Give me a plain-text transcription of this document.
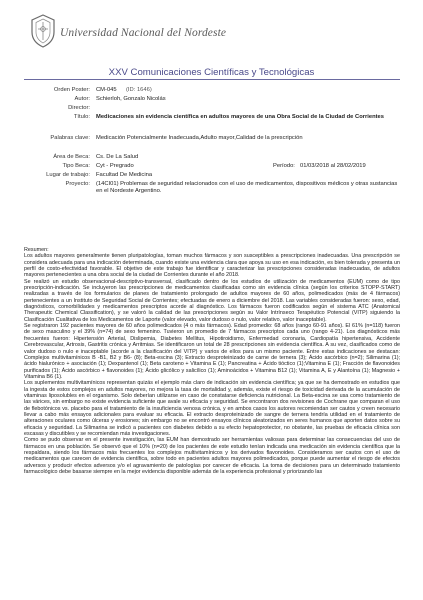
Universidad Nacional del Nordeste
XXV Comunicaciones Científicas y Tecnológicas
Orden Poster: CM-045 (ID: 1646)
Autor: Schierloh, Gonzalo Nicolás
Director:
Título: Medicaciones sin evidencia científica en adultos mayores de una Obra Social de la Ciudad de Corrientes
Palabras clave: Medicación Potencialmente Inadecuada,Adulto mayor,Calidad de la prescripción
Área de Beca: Cs. De La Salud
Tipo Beca: Cyt - Pregrado	Período: 01/03/2018 al 28/02/2019
Lugar de trabajo: Facultad De Medicina
Proyecto: (14CI01) Problemas de seguridad relacionados con el uso de medicamentos, dispositivos médicos y otras sustancias en el Nordeste Argentino.

Resumen:

Los adultos mayores generalmente tienen pluripatologías, toman muchos fármacos y son susceptibles a prescripciones inadecuadas. Una prescripción se considera adecuada para una indicación determinada, cuando existe una evidencia clara que apoya su uso en esa indicación, es bien tolerada y presenta un perfil de costo-efectividad favorable. El objetivo de este trabajo fue identificar y caracterizar las prescripciones consideradas inadecuadas, de adultos mayores pertenecientes a una obra social de la ciudad de Corrientes durante el año 2018.

Se realizó un estudio observacional-descriptivo-transversal, clasificado dentro de los estudios de utilización de medicamentos (EUM) como de tipo prescripción-indicación. Se incluyeron las prescripciones de medicamentos clasificadas como sin evidencia clínica (según los criterios STOPP-START) realizadas a través de los formularios de planes de tratamiento prolongado de adultos mayores de 60 años, polimedicados (más de 4 fármacos) pertenecientes a un Instituto de Seguridad Social de Corrientes; efectuadas de enero a diciembre del 2018. Las variables consideradas fueron: sexo, edad, diagnósticos, comorbilidades y medicamentos prescriptos acorde al diagnóstico. Los fármacos fueron codificados según el sistema ATC (Anatomical Therapeutic Chemical Classification), y se valoró la calidad de las prescripciones según su Valor Intrínseco Terapéutico Potencial (VITP) siguiendo la Clasificación Cualitativa de los Medicamentos de Laporte (valor elevado, valor dudoso o nulo, valor relativo, valor inaceptable).

Se registraron 192 pacientes mayores de 60 años polimedicados (4 o más fármacos). Edad promedio: 68 años (rango 60-91 años). El 61% (n=118) fueron de sexo masculino y el 39% (n=74) de sexo femenino. Tuvieron un promedio de 7 fármacos prescriptos cada uno (rango 4-21). Los diagnósticos más frecuentes fueron: Hipertensión Arterial, Dislipemia, Diabetes Mellitus, Hipotiroidismo, Enfermedad coronaria, Cardiopatía hipertensiva, Accidente Cerebrovascular, Artrosis, Gastritis crónica y Arritmias. Se identificaron un total de 28 prescripciones sin evidencia científica. A su vez, clasificados como de valor dudoso o nulo e inaceptable (acorde a la clasificación del VITP) y varios de ellos para un mismo paciente. Entre estas indicaciones se destacan: Complejos multivitamínicos B -B1, B2 y B6- (8); Beta-escina (3); Extracto desproteinizado de carne de ternera (3); Ácido ascórbico (n=2); Silimarina (1); ácido hialurónico + asociación (1); Dexpantenol (1); Beta caroteno + Vitamina E (1); Pancreatina + Ácido tióctico (1);Vitamina E (1); Fracción de flavonoides purificados (1); Ácido ascórbico + flavonoides (1); Ácido glicólico y salicílico (1); Aminoácidos + Vitamina B12 (1); Vitamina A, E y Alantoína (1); Magnesio + Vitamina B6 (1).

Los suplementos multivitamínicos representan quizás el ejemplo más claro de indicación sin evidencia científica; ya que se ha demostrado en estudios que la ingesta de estos complejos en adultos mayores, no mejora la tasa de mortalidad y, además, existe el riesgo de toxicidad derivada de la acumulación de vitaminas liposolubles en el organismo. Solo deberían utilizarse en caso de constatarse deficiencia nutricional. La Beta-escina se usa como tratamiento de las várices, sin embargo no existe evidencia suficiente que avale su eficacia y seguridad. Se encontraron dos revisiones de Cochrane que comparan el uso de flebotónicos vs. placebo para el tratamiento de la insuficiencia venosa crónica, y en ambos casos los autores recomiendan ser cautos y creen necesario llevar a cabo más ensayos adicionales para evaluar su eficacia. El extracto desproteinizado de sangre de ternera tendría utilidad en el tratamiento de alteraciones oculares como úlceras y erosiones; sin embargo no se encontró ensayos clínicos aleatorizados en seres humanos que aporten datos sobre su eficacia y seguridad. La Silimarina se indicó a pacientes con diabetes debido a su efecto hepatoprotector, no obstante, las pruebas de eficacia clínica son escasas y discutibles y se recomiendan más investigaciones.

Como se pudo observar en el presente investigación, las EUM han demostrado ser herramientas valiosas para determinar las consecuencias del uso de fármacos en una población. Se observó que el 10% (n=20) de los pacientes de este estudio tenían indicada una medicación sin evidencia científica que la respaldara, siendo los fármacos más frecuentes los complejos multivitamínicos y los derivados flavonoides. Consideramos ser cautos con el uso de medicamentos que carecen de evidencia científica, sobre todo en pacientes adultos mayores polimedicados, porque puede aumentar el riesgo de efectos adversos y producir efectos adversos y/o el agravamiento de patologías por carecer de eficacia. La toma de decisiones para un determinado tratamiento farmacológico debe basarse siempre en la mejor evidencia disponible además de la experiencia profesional y priorizando las
